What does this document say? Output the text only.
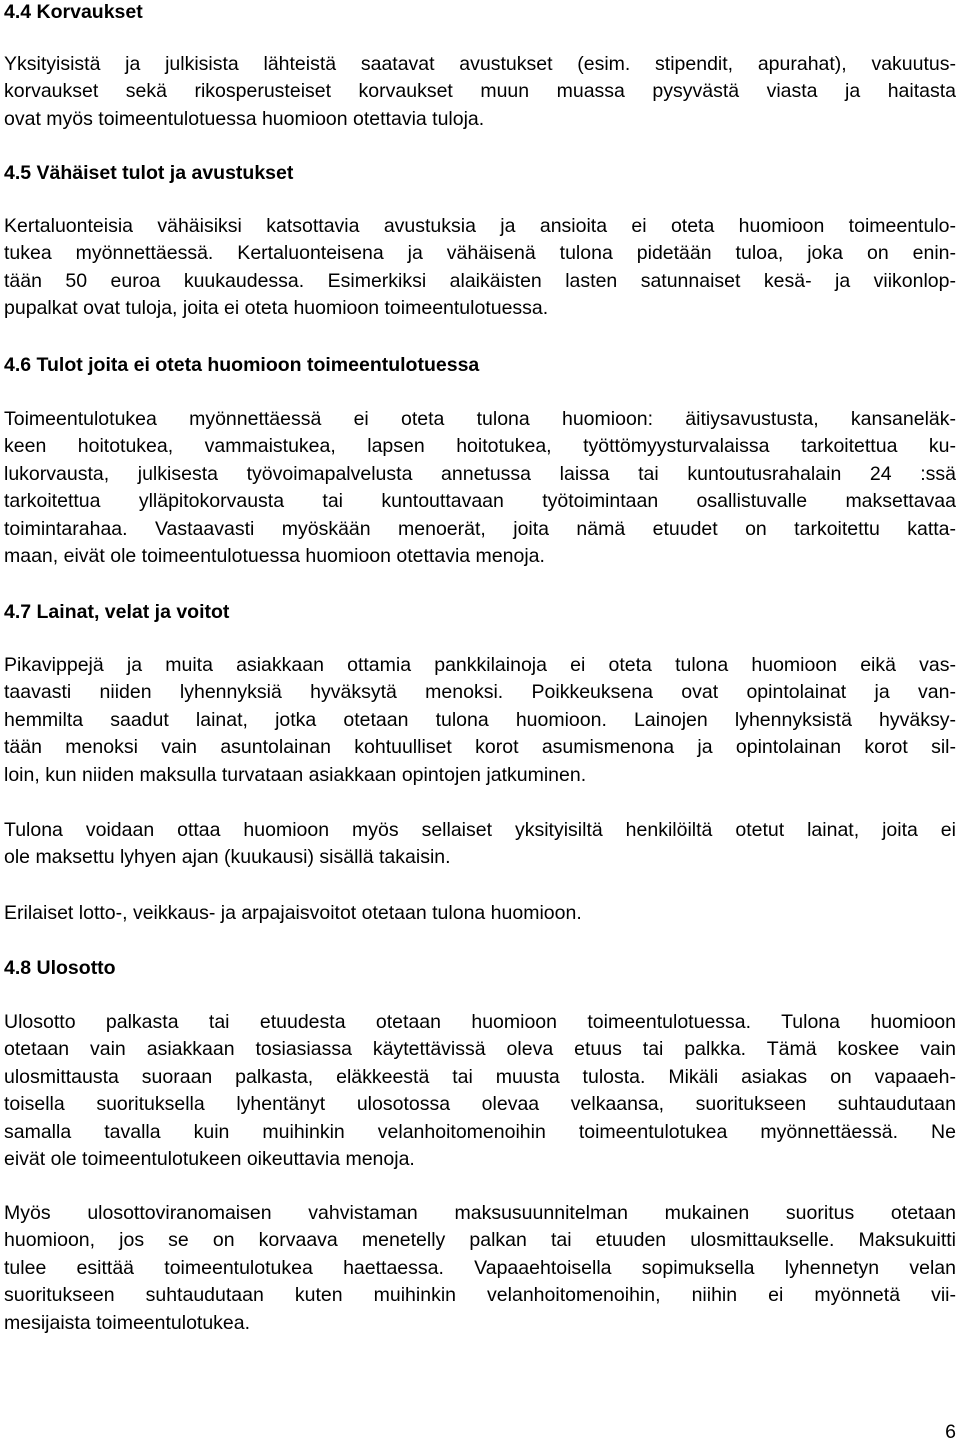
4.4 Korvaukset
Yksityisistä ja julkisista lähteistä saatavat avustukset (esim. stipendit, apurahat), vakuutus-
korvaukset sekä rikosperusteiset korvaukset muun muassa pysyvästä viasta ja haitasta
ovat myös toimeentulotuessa huomioon otettavia tuloja.
4.5 Vähäiset tulot ja avustukset
Kertaluonteisia vähäisiksi katsottavia avustuksia ja ansioita ei oteta huomioon toimeentulo-
tukea myönnettäessä. Kertaluonteisena ja vähäisenä tulona pidetään tuloa, joka on enin-
tään 50 euroa kuukaudessa. Esimerkiksi alaikäisten lasten satunnaiset kesä- ja viikonlop-
pupalkat ovat tuloja, joita ei oteta huomioon toimeentulotuessa.
4.6 Tulot joita ei oteta huomioon toimeentulotuessa
Toimeentulotukea myönnettäessä ei oteta tulona huomioon: äitiysavustusta, kansaneläk-
keen hoitotukea, vammaistukea, lapsen hoitotukea, työttömyysturvalaissa tarkoitettua ku-
lukorvausta, julkisesta työvoimapalvelusta annetussa laissa tai kuntoutusrahalain 24 :ssä
tarkoitettua ylläpitokorvausta tai kuntouttavaan työtoimintaan osallistuvalle maksettavaa
toimintarahaa. Vastaavasti myöskään menoerät, joita nämä etuudet on tarkoitettu katta-
maan, eivät ole toimeentulotuessa huomioon otettavia menoja.
4.7 Lainat, velat ja voitot
Pikavippejä ja muita asiakkaan ottamia pankkilainoja ei oteta tulona huomioon eikä vas-
taavasti niiden lyhennyksiä hyväksytä menoksi. Poikkeuksena ovat opintolainat ja van-
hemmilta saadut lainat, jotka otetaan tulona huomioon. Lainojen lyhennyksistä hyväksy-
tään menoksi vain asuntolainan kohtuulliset korot asumismenona ja opintolainan korot sil-
loin, kun niiden maksulla turvataan asiakkaan opintojen jatkuminen.
Tulona voidaan ottaa huomioon myös sellaiset yksityisiltä henkilöiltä otetut lainat, joita ei
ole maksettu lyhyen ajan (kuukausi) sisällä takaisin.
Erilaiset lotto-, veikkaus- ja arpajaisvoitot otetaan tulona huomioon.
4.8 Ulosotto
Ulosotto palkasta tai etuudesta otetaan huomioon toimeentulotuessa. Tulona huomioon
otetaan vain asiakkaan tosiasiassa käytettävissä oleva etuus tai palkka. Tämä koskee vain
ulosmittausta suoraan palkasta, eläkkeestä tai muusta tulosta. Mikäli asiakas on vapaaeh-
toisella suorituksella lyhentänyt ulosotossa olevaa velkaansa, suoritukseen suhtaudutaan
samalla tavalla kuin muihinkin velanhoitomenoihin toimeentulotukea myönnettäessä. Ne
eivät ole toimeentulotukeen oikeuttavia menoja.
Myös ulosottoviranomaisen vahvistaman maksusuunnitelman mukainen suoritus otetaan
huomioon, jos se on korvaava menetelly palkan tai etuuden ulosmittaukselle. Maksukuitti
tulee esittää toimeentulotukea haettaessa. Vapaaehtoisella sopimuksella lyhennetyn velan
suoritukseen suhtaudutaan kuten muihinkin velanhoitomenoihin, niihin ei myönnetä vii-
mesijaista toimeentulotukea.
6
